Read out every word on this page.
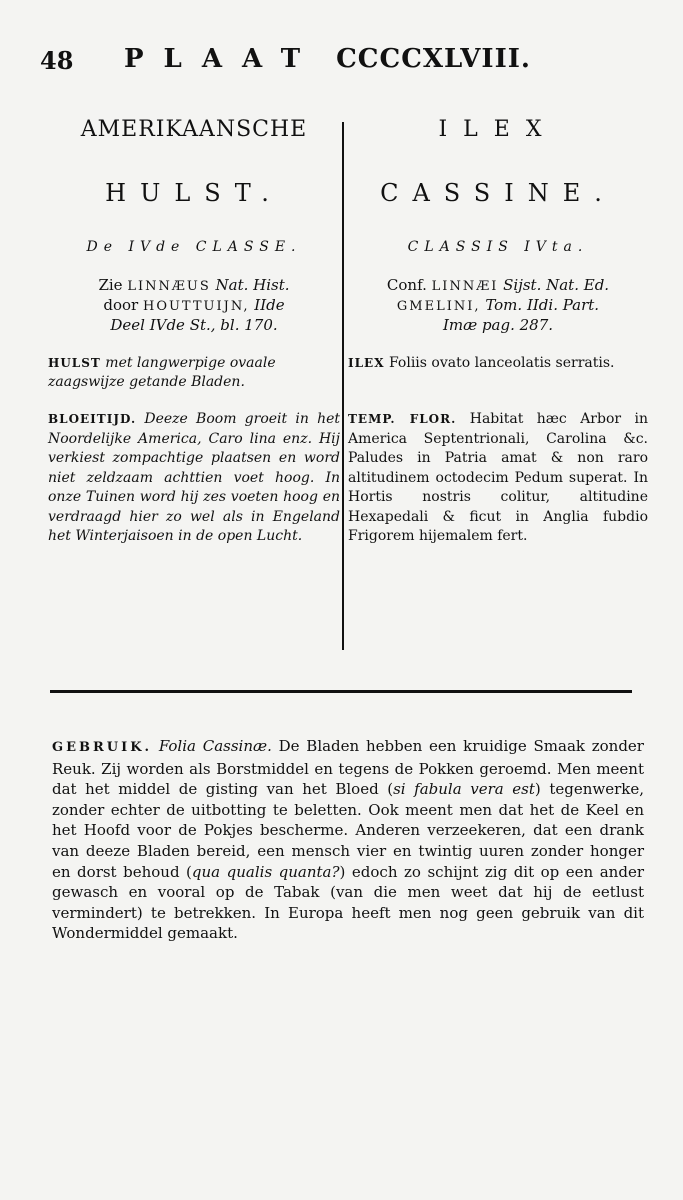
48 PLAAT CCCCXLVIII.
AMERIKAANSCHE
HULST.
De IVde CLASSE.
Zie LINNÆUS Nat. Hist.
door HOUTTUIJN, IIde
Deel IVde St., bl. 170.
HULST met langwerpige ovaale zaagswijze getande Bladen.
BLOEITIJD. Deeze Boom groeit in het Noordelijke America, Caro lina enz. Hij verkiest zompachtige plaatsen en word niet zeldzaam achttien voet hoog. In onze Tuinen word hij zes voeten hoog en verdraagd hier zo wel als in Engeland het Winterjaisoen in de open Lucht.
ILEX
CASSINE.
CLASSIS IVta.
Conf. LINNÆI Sijst. Nat. Ed.
GMELINI, Tom. IIdi. Part.
Imæ pag. 287.
ILEX Foliis ovato lanceolatis serratis.
TEMP. FLOR. Habitat hæc Arbor in America Septentrionali, Carolina &c. Paludes in Patria amat & non raro altitudinem octodecim Pedum superat. In Hortis nostris colitur, altitudine Hexapedali & ficut in Anglia fubdio Frigorem hijemalem fert.
GEBRUIK. Folia Cassinæ. De Bladen hebben een kruidige Smaak zonder Reuk. Zij worden als Borstmiddel en tegens de Pokken geroemd. Men meent dat het middel de gisting van het Bloed (si fabula vera est) tegenwerke, zonder echter de uitbotting te beletten. Ook meent men dat het de Keel en het Hoofd voor de Pokjes bescherme. Anderen verzeekeren, dat een drank van deeze Bladen bereid, een mensch vier en twintig uuren zonder honger en dorst behoud (qua qualis quanta?) edoch zo schijnt zig dit op een ander gewasch en vooral op de Tabak (van die men weet dat hij de eetlust vermindert) te betrekken. In Europa heeft men nog geen gebruik van dit Wondermiddel gemaakt.
